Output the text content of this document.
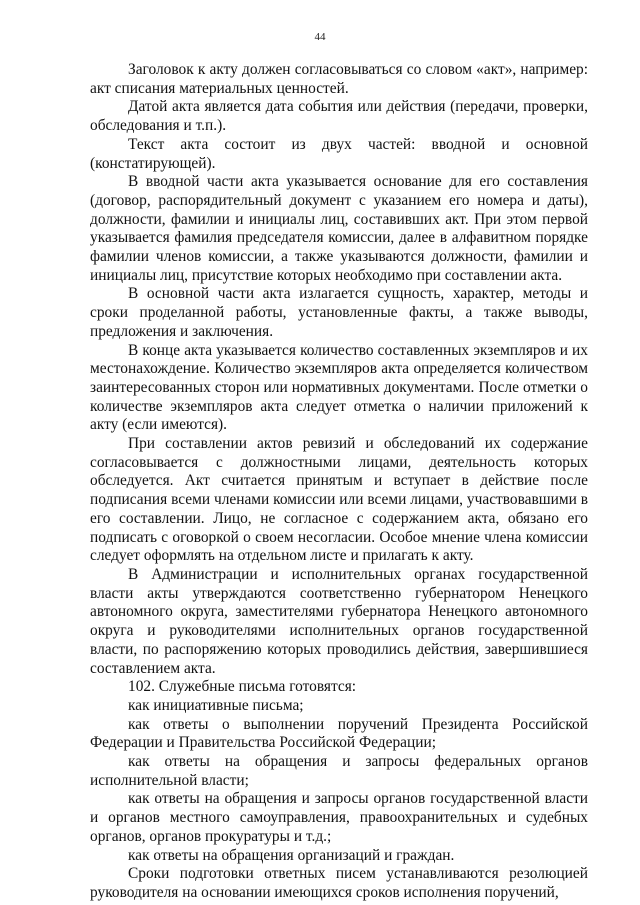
44

Заголовок к акту должен согласовываться со словом «акт», например: акт списания материальных ценностей.

Датой акта является дата события или действия (передачи, проверки, обследования и т.п.).

Текст акта состоит из двух частей: вводной и основной (констатирующей).

В вводной части акта указывается основание для его составления (договор, распорядительный документ с указанием его номера и даты), должности, фамилии и инициалы лиц, составивших акт. При этом первой указывается фамилия председателя комиссии, далее в алфавитном порядке фамилии членов комиссии, а также указываются должности, фамилии и инициалы лиц, присутствие которых необходимо при составлении акта.

В основной части акта излагается сущность, характер, методы и сроки проделанной работы, установленные факты, а также выводы, предложения и заключения.

В конце акта указывается количество составленных экземпляров и их местонахождение. Количество экземпляров акта определяется количеством заинтересованных сторон или нормативных документами. После отметки о количестве экземпляров акта следует отметка о наличии приложений к акту (если имеются).

При составлении актов ревизий и обследований их содержание согласовывается с должностными лицами, деятельность которых обследуется. Акт считается принятым и вступает в действие после подписания всеми членами комиссии или всеми лицами, участвовавшими в его составлении. Лицо, не согласное с содержанием акта, обязано его подписать с оговоркой о своем несогласии. Особое мнение члена комиссии следует оформлять на отдельном листе и прилагать к акту.

В Администрации и исполнительных органах государственной власти акты утверждаются соответственно губернатором Ненецкого автономного округа, заместителями губернатора Ненецкого автономного округа и руководителями исполнительных органов государственной власти, по распоряжению которых проводились действия, завершившиеся составлением акта.

102. Служебные письма готовятся:

как инициативные письма;

как ответы о выполнении поручений Президента Российской Федерации и Правительства Российской Федерации;

как ответы на обращения и запросы федеральных органов исполнительной власти;

как ответы на обращения и запросы органов государственной власти и органов местного самоуправления, правоохранительных и судебных органов, органов прокуратуры и т.д.;

как ответы на обращения организаций и граждан.

Сроки подготовки ответных писем устанавливаются резолюцией руководителя на основании имеющихся сроков исполнения поручений,
